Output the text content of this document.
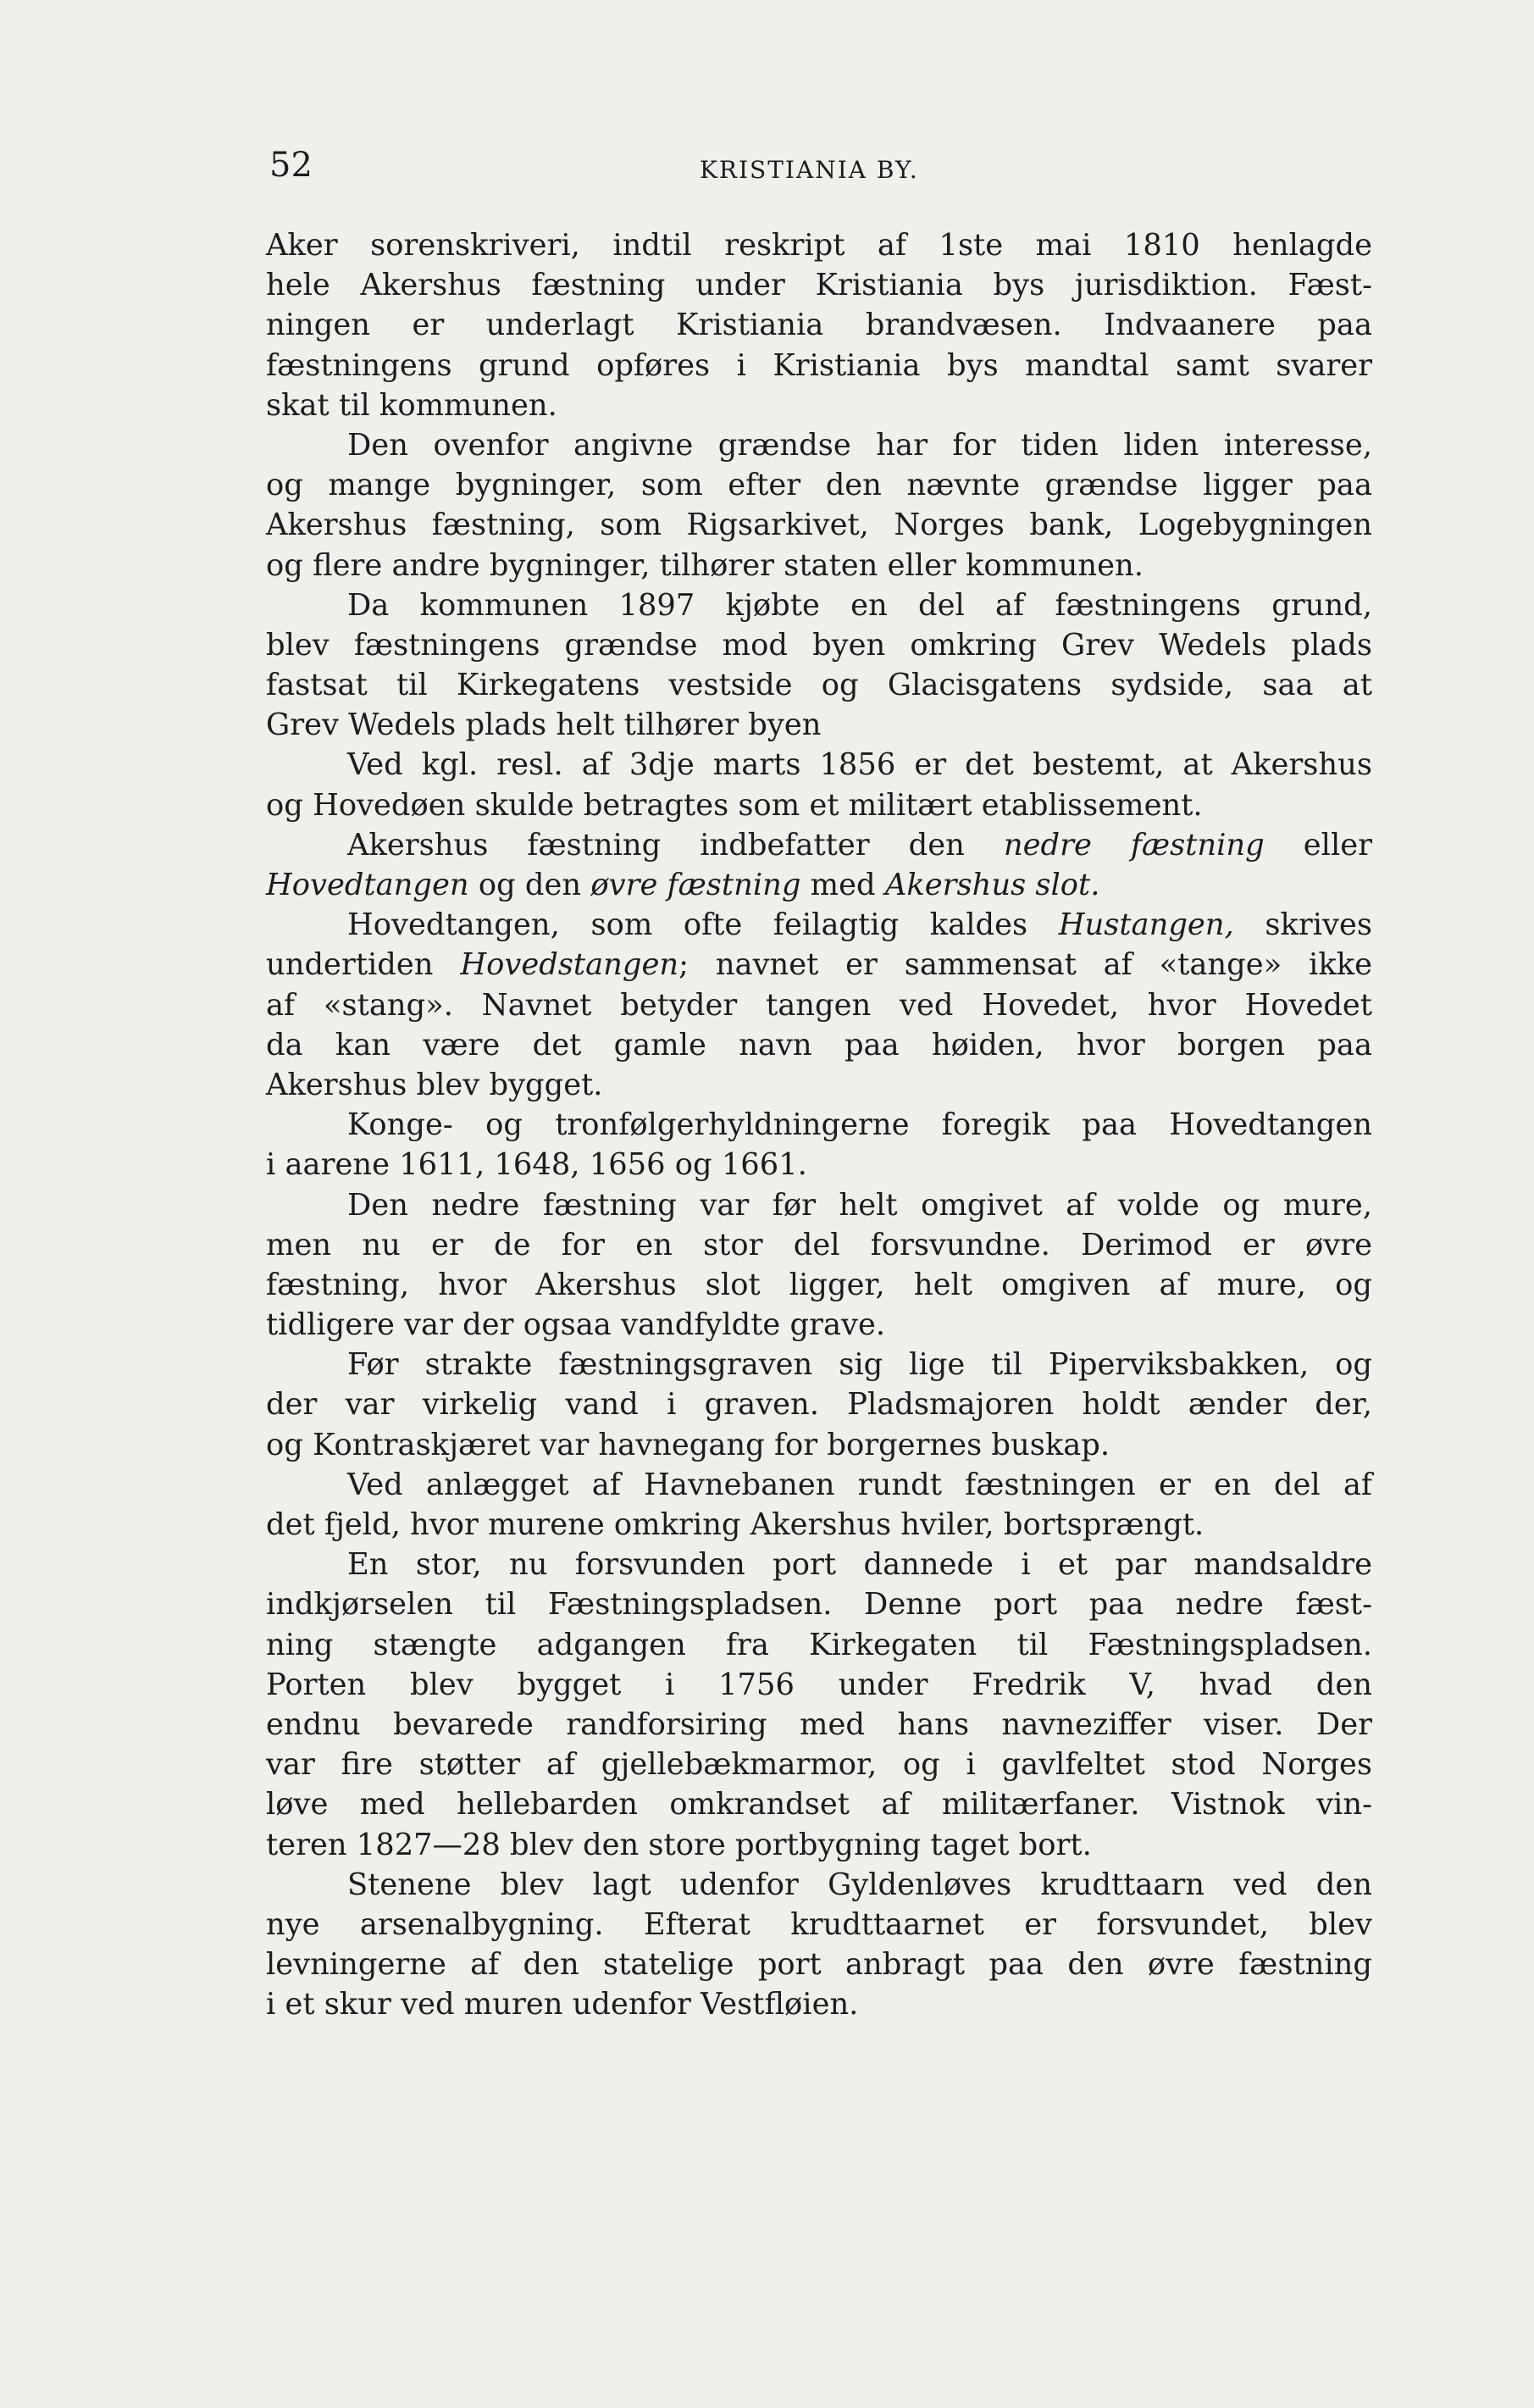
52	KRISTIANIA BY.
Aker sorenskriveri, indtil reskript af 1ste mai 1810 henlagde
hele Akershus fæstning under Kristiania bys jurisdiktion. Fæst-
ningen er underlagt Kristiania brandvæsen. Indvaanere paa
fæstningens grund opføres i Kristiania bys mandtal samt svarer
skat til kommunen.
Den ovenfor angivne grændse har for tiden liden interesse,
og mange bygninger, som efter den nævnte grændse ligger paa
Akershus fæstning, som Rigsarkivet, Norges bank, Logebygningen
og flere andre bygninger, tilhører staten eller kommunen.
Da kommunen 1897 kjøbte en del af fæstningens grund,
blev fæstningens grændse mod byen omkring Grev Wedels plads
fastsat til Kirkegatens vestside og Glacisgatens sydside, saa at
Grev Wedels plads helt tilhører byen
Ved kgl. resl. af 3dje marts 1856 er det bestemt, at Akershus
og Hovedøen skulde betragtes som et militært etablissement.
Akershus fæstning indbefatter den nedre fæstning eller
Hovedtangen og den øvre fæstning med Akershus slot.
Hovedtangen, som ofte feilagtig kaldes Hustangen, skrives
undertiden Hovedstangen; navnet er sammensat af «tange» ikke
af «stang». Navnet betyder tangen ved Hovedet, hvor Hovedet
da kan være det gamle navn paa høiden, hvor borgen paa
Akershus blev bygget.
Konge- og tronfølgerhyldningerne foregik paa Hovedtangen
i aarene 1611, 1648, 1656 og 1661.
Den nedre fæstning var før helt omgivet af volde og mure,
men nu er de for en stor del forsvundne. Derimod er øvre
fæstning, hvor Akershus slot ligger, helt omgiven af mure, og
tidligere var der ogsaa vandfyldte grave.
Før strakte fæstningsgraven sig lige til Piperviksbakken, og
der var virkelig vand i graven. Pladsmajoren holdt ænder der,
og Kontraskjæret var havnegang for borgernes buskap.
Ved anlægget af Havnebanen rundt fæstningen er en del af
det fjeld, hvor murene omkring Akershus hviler, bortsprængt.
En stor, nu forsvunden port dannede i et par mandsaldre
indkjørselen til Fæstningspladsen. Denne port paa nedre fæst-
ning stængte adgangen fra Kirkegaten til Fæstningspladsen.
Porten blev bygget i 1756 under Fredrik V, hvad den
endnu bevarede randforsiring med hans navneziffer viser. Der
var fire støtter af gjellebækmarmor, og i gavlfeltet stod Norges
løve med hellebarden omkrandset af militærfaner. Vistnok vin-
teren 1827—28 blev den store portbygning taget bort.
Stenene blev lagt udenfor Gyldenløves krudttaarn ved den
nye arsenalbygning. Efterat krudttaarnet er forsvundet, blev
levningerne af den statelige port anbragt paa den øvre fæstning
i et skur ved muren udenfor Vestfløien.
